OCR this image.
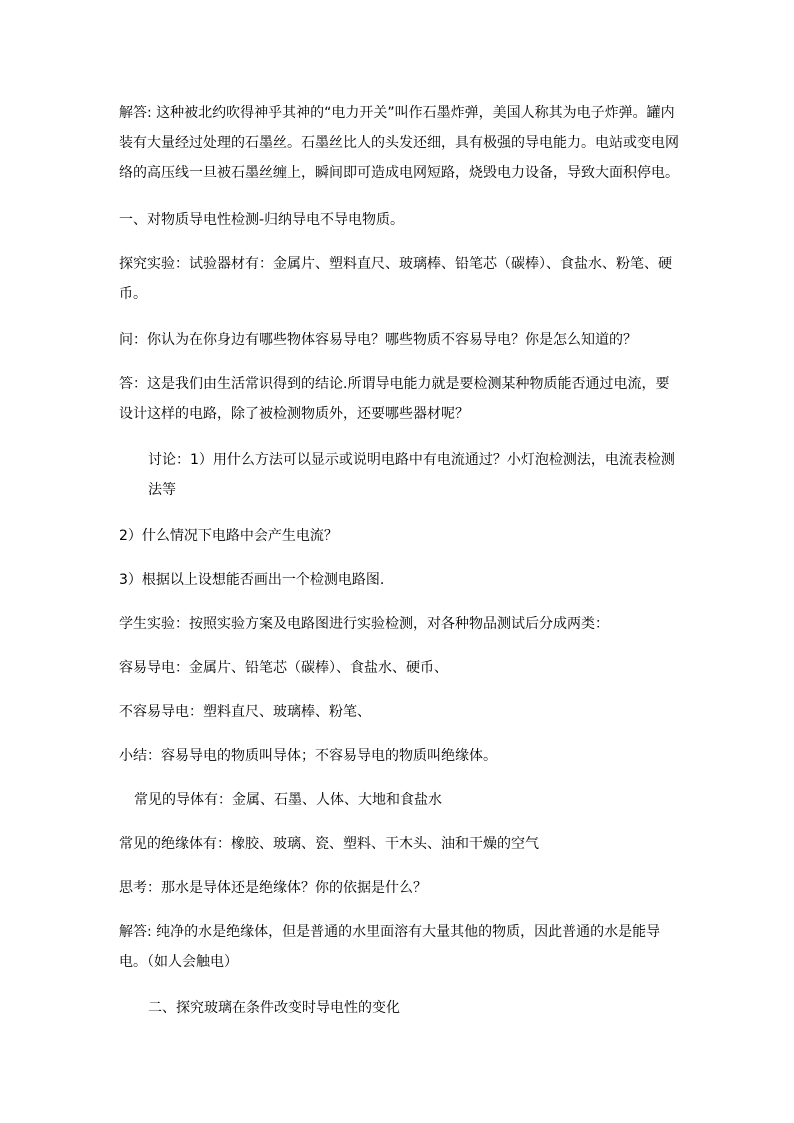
解答: 这种被北约吹得神乎其神的“电力开关”叫作石墨炸弹，美国人称其为电子炸弹。罐内装有大量经过处理的石墨丝。石墨丝比人的头发还细，具有极强的导电能力。电站或变电网络的高压线一旦被石墨丝缠上，瞬间即可造成电网短路，烧毁电力设备，导致大面积停电。

一、对物质导电性检测-归纳导电不导电物质。

探究实验：试验器材有：金属片、塑料直尺、玻璃棒、铅笔芯（碳棒）、食盐水、粉笔、硬币。

问：你认为在你身边有哪些物体容易导电？哪些物质不容易导电？你是怎么知道的？

答：这是我们由生活常识得到的结论.所谓导电能力就是要检测某种物质能否通过电流，要设计这样的电路，除了被检测物质外，还要哪些器材呢？

讨论：1）用什么方法可以显示或说明电路中有电流通过？小灯泡检测法，电流表检测法等

2）什么情况下电路中会产生电流？

3）根据以上设想能否画出一个检测电路图.

学生实验：按照实验方案及电路图进行实验检测，对各种物品测试后分成两类：

容易导电：金属片、铅笔芯（碳棒）、食盐水、硬币、

不容易导电：塑料直尺、玻璃棒、粉笔、

小结：容易导电的物质叫导体；不容易导电的物质叫绝缘体。

常见的导体有：金属、石墨、人体、大地和食盐水

常见的绝缘体有：橡胶、玻璃、瓷、塑料、干木头、油和干燥的空气

思考：那水是导体还是绝缘体？你的依据是什么？

解答: 纯净的水是绝缘体，但是普通的水里面溶有大量其他的物质，因此普通的水是能导电。（如人会触电）

二、探究玻璃在条件改变时导电性的变化
